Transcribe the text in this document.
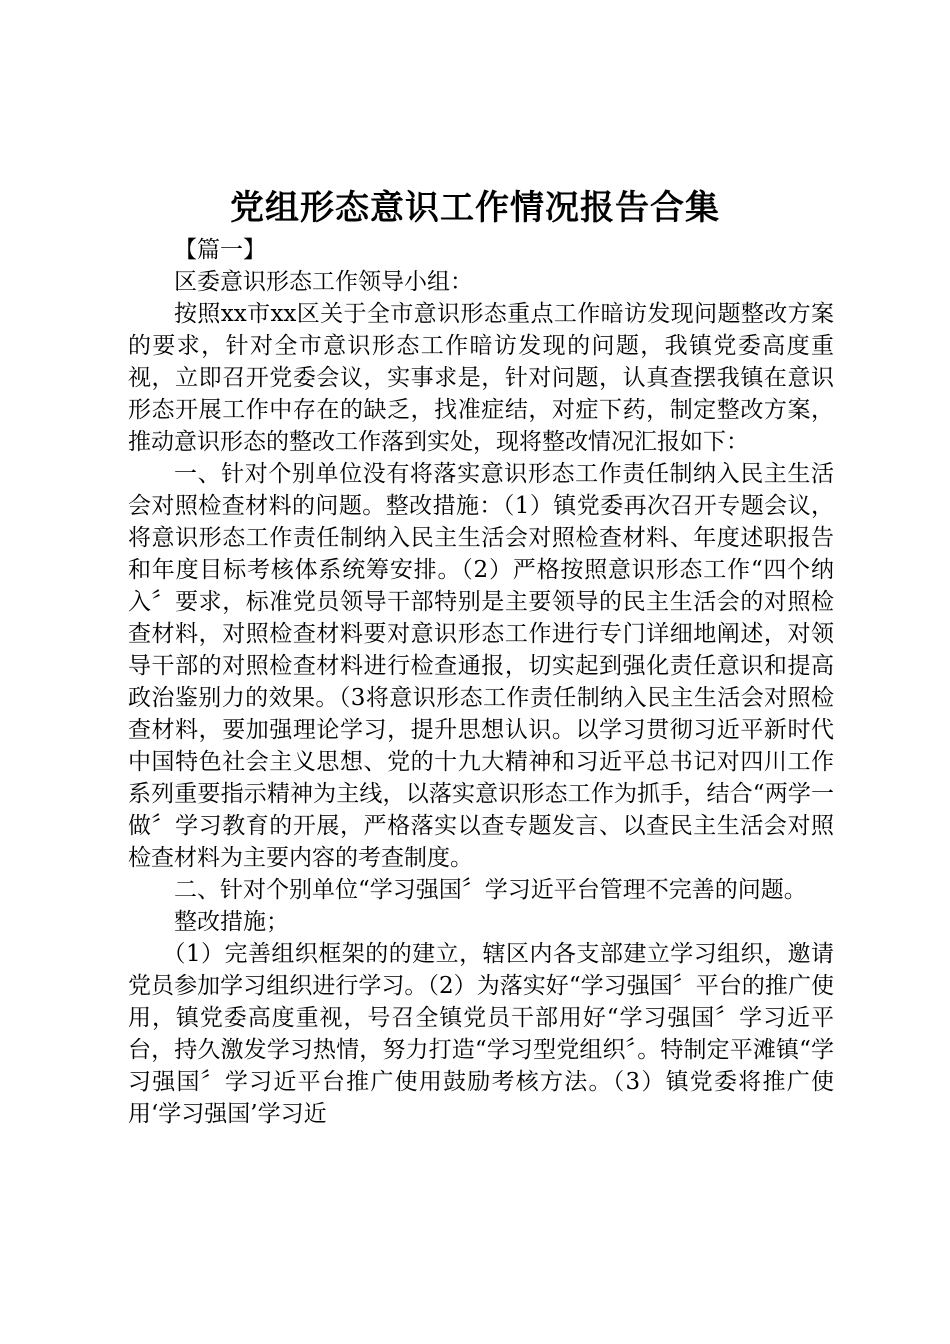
党组形态意识工作情况报告合集

【篇一】

区委意识形态工作领导小组：

按照xx市xx区关于全市意识形态重点工作暗访发现问题整改方案的要求，针对全市意识形态工作暗访发现的问题，我镇党委高度重视，立即召开党委会议，实事求是，针对问题，认真查摆我镇在意识形态开展工作中存在的缺乏，找准症结，对症下药，制定整改方案，推动意识形态的整改工作落到实处，现将整改情况汇报如下：

一、针对个别单位没有将落实意识形态工作责任制纳入民主生活会对照检查材料的问题。整改措施：（1）镇党委再次召开专题会议，将意识形态工作责任制纳入民主生活会对照检查材料、年度述职报告和年度目标考核体系统筹安排。（2）严格按照意识形态工作“四个纳入〞要求，标准党员领导干部特别是主要领导的民主生活会的对照检查材料，对照检查材料要对意识形态工作进行专门详细地阐述，对领导干部的对照检查材料进行检查通报，切实起到强化责任意识和提高政治鉴别力的效果。（3将意识形态工作责任制纳入民主生活会对照检查材料，要加强理论学习，提升思想认识。以学习贯彻习近平新时代中国特色社会主义思想、党的十九大精神和习近平总书记对四川工作系列重要指示精神为主线，以落实意识形态工作为抓手，结合“两学一做〞学习教育的开展，严格落实以查专题发言、以查民主生活会对照检查材料为主要内容的考查制度。

二、针对个别单位“学习强国〞学习近平台管理不完善的问题。

整改措施；

（1）完善组织框架的的建立，辖区内各支部建立学习组织，邀请党员参加学习组织进行学习。（2）为落实好“学习强国〞平台的推广使用，镇党委高度重视，号召全镇党员干部用好“学习强国〞学习近平台，持久激发学习热情，努力打造“学习型党组织〞。特制定平滩镇“学习强国〞学习近平台推广使用鼓励考核方法。（3）镇党委将推广使用‘学习强国’学习近
